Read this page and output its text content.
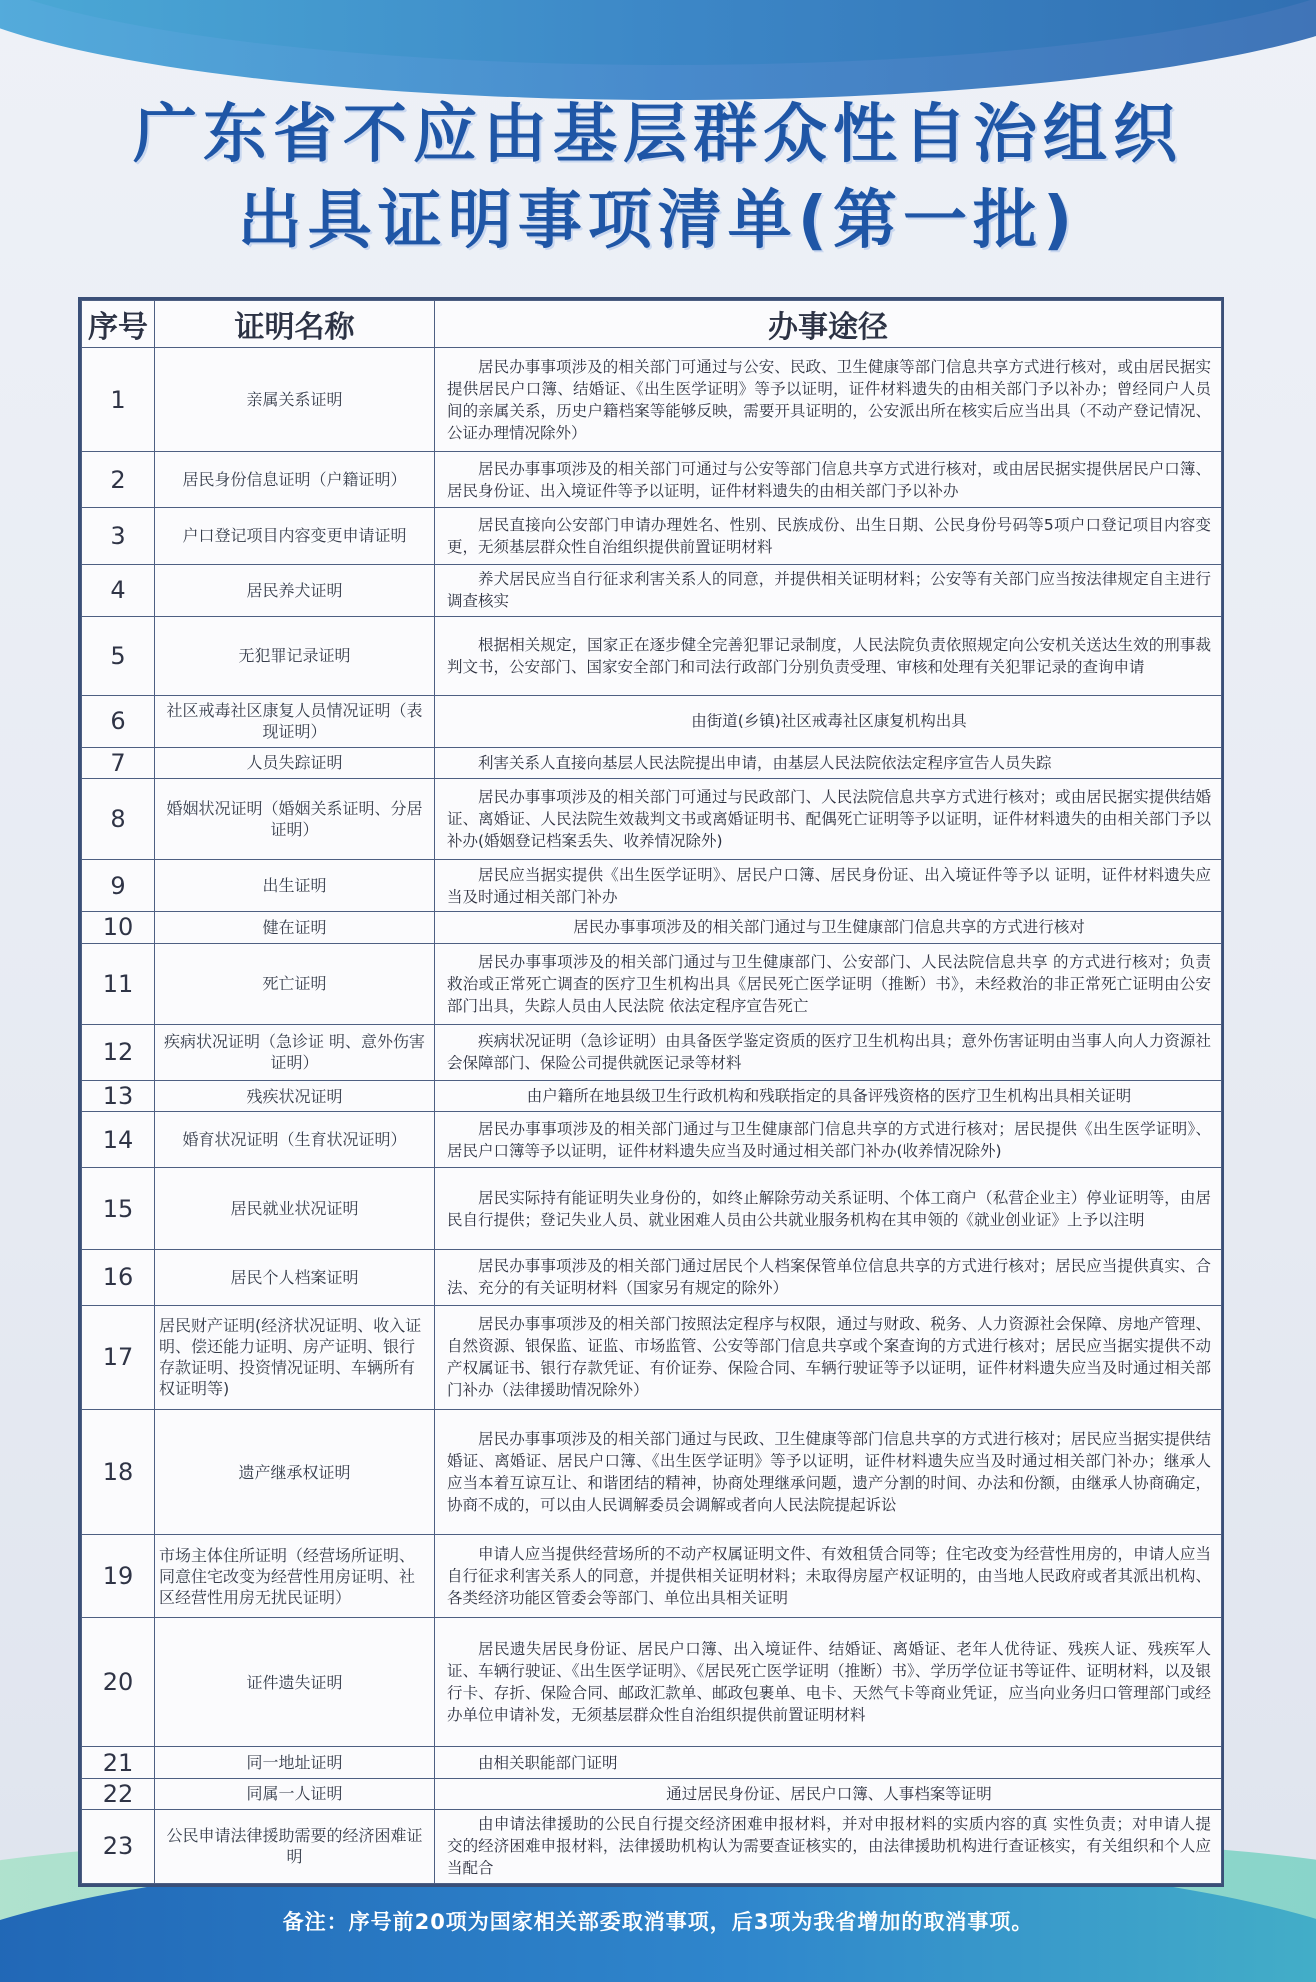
广东省不应由基层群众性自治组织
出具证明事项清单(第一批)
序号	证明名称	办事途径
1	亲属关系证明	居民办事事项涉及的相关部门可通过与公安、民政、卫生健康等部门信息共享方式进行核对，或由居民据实提供居民户口簿、结婚证、《出生医学证明》等予以证明，证件材料遗失的由相关部门予以补办；曾经同户人员间的亲属关系，历史户籍档案等能够反映，需要开具证明的，公安派出所在核实后应当出具（不动产登记情况、公证办理情况除外）
2	居民身份信息证明（户籍证明）	居民办事事项涉及的相关部门可通过与公安等部门信息共享方式进行核对，或由居民据实提供居民户口簿、居民身份证、出入境证件等予以证明，证件材料遗失的由相关部门予以补办
3	户口登记项目内容变更申请证明	居民直接向公安部门申请办理姓名、性别、民族成份、出生日期、公民身份号码等5项户口登记项目内容变更，无须基层群众性自治组织提供前置证明材料
4	居民养犬证明	养犬居民应当自行征求利害关系人的同意，并提供相关证明材料；公安等有关部门应当按法律规定自主进行调查核实
5	无犯罪记录证明	根据相关规定，国家正在逐步健全完善犯罪记录制度，人民法院负责依照规定向公安机关送达生效的刑事裁判文书，公安部门、国家安全部门和司法行政部门分别负责受理、审核和处理有关犯罪记录的查询申请
6	社区戒毒社区康复人员情况证明（表现证明）	由街道(乡镇)社区戒毒社区康复机构出具
7	人员失踪证明	利害关系人直接向基层人民法院提出申请，由基层人民法院依法定程序宣告人员失踪
8	婚姻状况证明（婚姻关系证明、分居证明）	居民办事事项涉及的相关部门可通过与民政部门、人民法院信息共享方式进行核对；或由居民据实提供结婚证、离婚证、人民法院生效裁判文书或离婚证明书、配偶死亡证明等予以证明，证件材料遗失的由相关部门予以补办(婚姻登记档案丢失、收养情况除外)
9	出生证明	居民应当据实提供《出生医学证明》、居民户口簿、居民身份证、出入境证件等予以 证明，证件材料遗失应当及时通过相关部门补办
10	健在证明	居民办事事项涉及的相关部门通过与卫生健康部门信息共享的方式进行核对
11	死亡证明	居民办事事项涉及的相关部门通过与卫生健康部门、公安部门、人民法院信息共享 的方式进行核对；负责救治或正常死亡调查的医疗卫生机构出具《居民死亡医学证明（推断）书》，未经救治的非正常死亡证明由公安部门出具，失踪人员由人民法院 依法定程序宣告死亡
12	疾病状况证明（急诊证 明、意外伤害证明）	疾病状况证明（急诊证明）由具备医学鉴定资质的医疗卫生机构出具；意外伤害证明由当事人向人力资源社会保障部门、保险公司提供就医记录等材料
13	残疾状况证明	由户籍所在地县级卫生行政机构和残联指定的具备评残资格的医疗卫生机构出具相关证明
14	婚育状况证明（生育状况证明）	居民办事事项涉及的相关部门通过与卫生健康部门信息共享的方式进行核对；居民提供《出生医学证明》、居民户口簿等予以证明，证件材料遗失应当及时通过相关部门补办(收养情况除外)
15	居民就业状况证明	居民实际持有能证明失业身份的，如终止解除劳动关系证明、个体工商户（私营企业主）停业证明等，由居民自行提供；登记失业人员、就业困难人员由公共就业服务机构在其申领的《就业创业证》上予以注明
16	居民个人档案证明	居民办事事项涉及的相关部门通过居民个人档案保管单位信息共享的方式进行核对；居民应当提供真实、合法、充分的有关证明材料（国家另有规定的除外）
17	居民财产证明(经济状况证明、收入证明、偿还能力证明、房产证明、银行存款证明、投资情况证明、车辆所有权证明等)	居民办事事项涉及的相关部门按照法定程序与权限，通过与财政、税务、人力资源社会保障、房地产管理、自然资源、银保监、证监、市场监管、公安等部门信息共享或个案查询的方式进行核对；居民应当据实提供不动产权属证书、银行存款凭证、有价证券、保险合同、车辆行驶证等予以证明，证件材料遗失应当及时通过相关部门补办（法律援助情况除外）
18	遗产继承权证明	居民办事事项涉及的相关部门通过与民政、卫生健康等部门信息共享的方式进行核对；居民应当据实提供结婚证、离婚证、居民户口簿、《出生医学证明》等予以证明，证件材料遗失应当及时通过相关部门补办；继承人应当本着互谅互让、和谐团结的精神，协商处理继承问题，遗产分割的时间、办法和份额，由继承人协商确定，协商不成的，可以由人民调解委员会调解或者向人民法院提起诉讼
19	市场主体住所证明（经营场所证明、同意住宅改变为经营性用房证明、社区经营性用房无扰民证明）	申请人应当提供经营场所的不动产权属证明文件、有效租赁合同等；住宅改变为经营性用房的，申请人应当自行征求利害关系人的同意，并提供相关证明材料；未取得房屋产权证明的，由当地人民政府或者其派出机构、各类经济功能区管委会等部门、单位出具相关证明
20	证件遗失证明	居民遗失居民身份证、居民户口簿、出入境证件、结婚证、离婚证、老年人优待证、残疾人证、残疾军人证、车辆行驶证、《出生医学证明》、《居民死亡医学证明（推断）书》、学历学位证书等证件、证明材料，以及银行卡、存折、保险合同、邮政汇款单、邮政包裹单、电卡、天然气卡等商业凭证，应当向业务归口管理部门或经办单位申请补发，无须基层群众性自治组织提供前置证明材料
21	同一地址证明	由相关职能部门证明
22	同属一人证明	通过居民身份证、居民户口簿、人事档案等证明
23	公民申请法律援助需要的经济困难证明	由申请法律援助的公民自行提交经济困难申报材料，并对申报材料的实质内容的真 实性负责；对申请人提交的经济困难申报材料，法律援助机构认为需要查证核实的，由法律援助机构进行查证核实，有关组织和个人应当配合
备注：序号前20项为国家相关部委取消事项，后3项为我省增加的取消事项。
